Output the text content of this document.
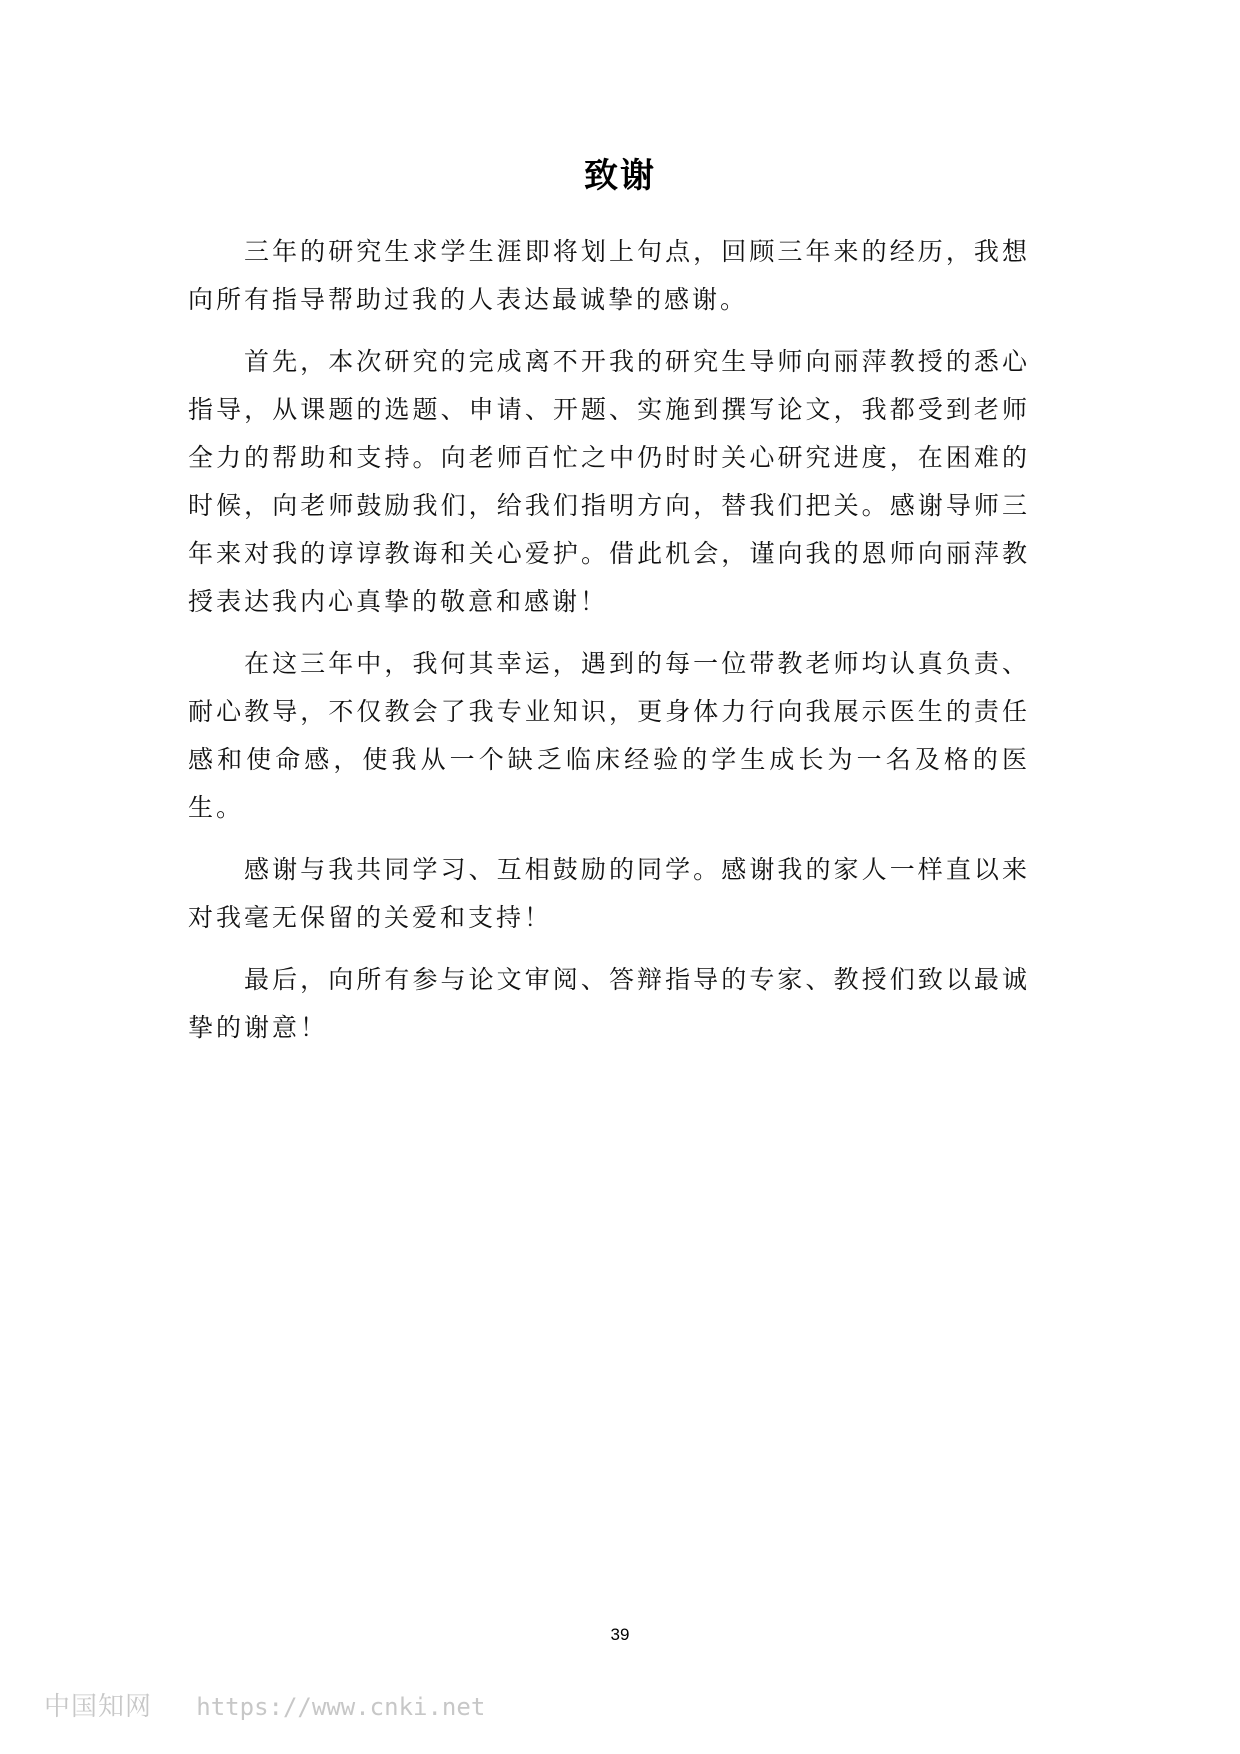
致谢

三年的研究生求学生涯即将划上句点，回顾三年来的经历，我想向所有指导帮助过我的人表达最诚挚的感谢。

首先，本次研究的完成离不开我的研究生导师向丽萍教授的悉心指导，从课题的选题、申请、开题、实施到撰写论文，我都受到老师全力的帮助和支持。向老师百忙之中仍时时关心研究进度，在困难的时候，向老师鼓励我们，给我们指明方向，替我们把关。感谢导师三年来对我的谆谆教诲和关心爱护。借此机会，谨向我的恩师向丽萍教授表达我内心真挚的敬意和感谢！

在这三年中，我何其幸运，遇到的每一位带教老师均认真负责、耐心教导，不仅教会了我专业知识，更身体力行向我展示医生的责任感和使命感，使我从一个缺乏临床经验的学生成长为一名及格的医生。

感谢与我共同学习、互相鼓励的同学。感谢我的家人一样直以来对我毫无保留的关爱和支持！

最后，向所有参与论文审阅、答辩指导的专家、教授们致以最诚挚的谢意！

39
中国知网 https://www.cnki.net
